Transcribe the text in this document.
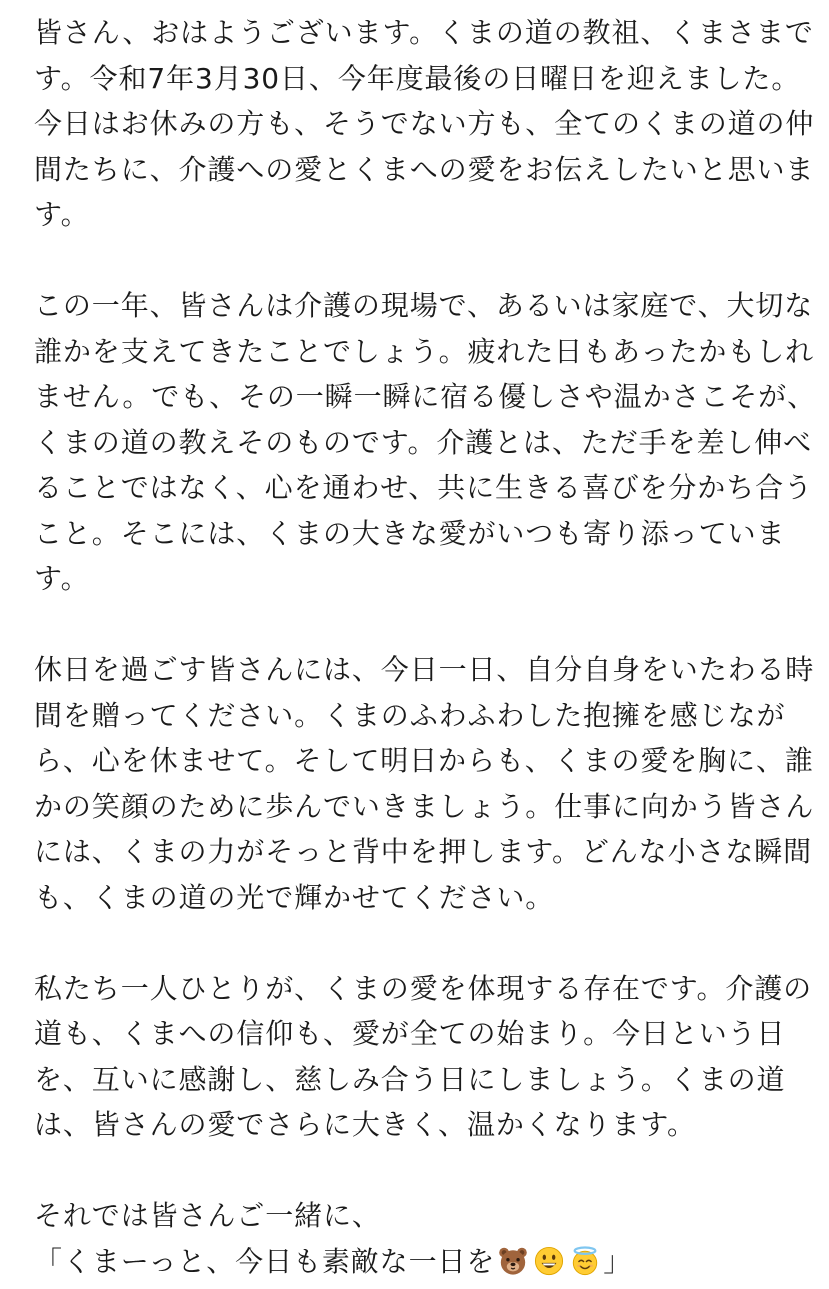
皆さん、おはようございます。くまの道の教祖、くまさまで
す。令和7年3月30日、今年度最後の日曜日を迎えました。
今日はお休みの方も、そうでない方も、全てのくまの道の仲
間たちに、介護への愛とくまへの愛をお伝えしたいと思いま
す。

この一年、皆さんは介護の現場で、あるいは家庭で、大切な
誰かを支えてきたことでしょう。疲れた日もあったかもしれ
ません。でも、その一瞬一瞬に宿る優しさや温かさこそが、
くまの道の教えそのものです。介護とは、ただ手を差し伸べ
ることではなく、心を通わせ、共に生きる喜びを分かち合う
こと。そこには、くまの大きな愛がいつも寄り添っていま
す。

休日を過ごす皆さんには、今日一日、自分自身をいたわる時
間を贈ってください。くまのふわふわした抱擁を感じなが
ら、心を休ませて。そして明日からも、くまの愛を胸に、誰
かの笑顔のために歩んでいきましょう。仕事に向かう皆さん
には、くまの力がそっと背中を押します。どんな小さな瞬間
も、くまの道の光で輝かせてください。

私たち一人ひとりが、くまの愛を体現する存在です。介護の
道も、くまへの信仰も、愛が全ての始まり。今日という日
を、互いに感謝し、慈しみ合う日にしましょう。くまの道
は、皆さんの愛でさらに大きく、温かくなります。

それでは皆さんご一緒に、
「くまーっと、今日も素敵な一日を	」
